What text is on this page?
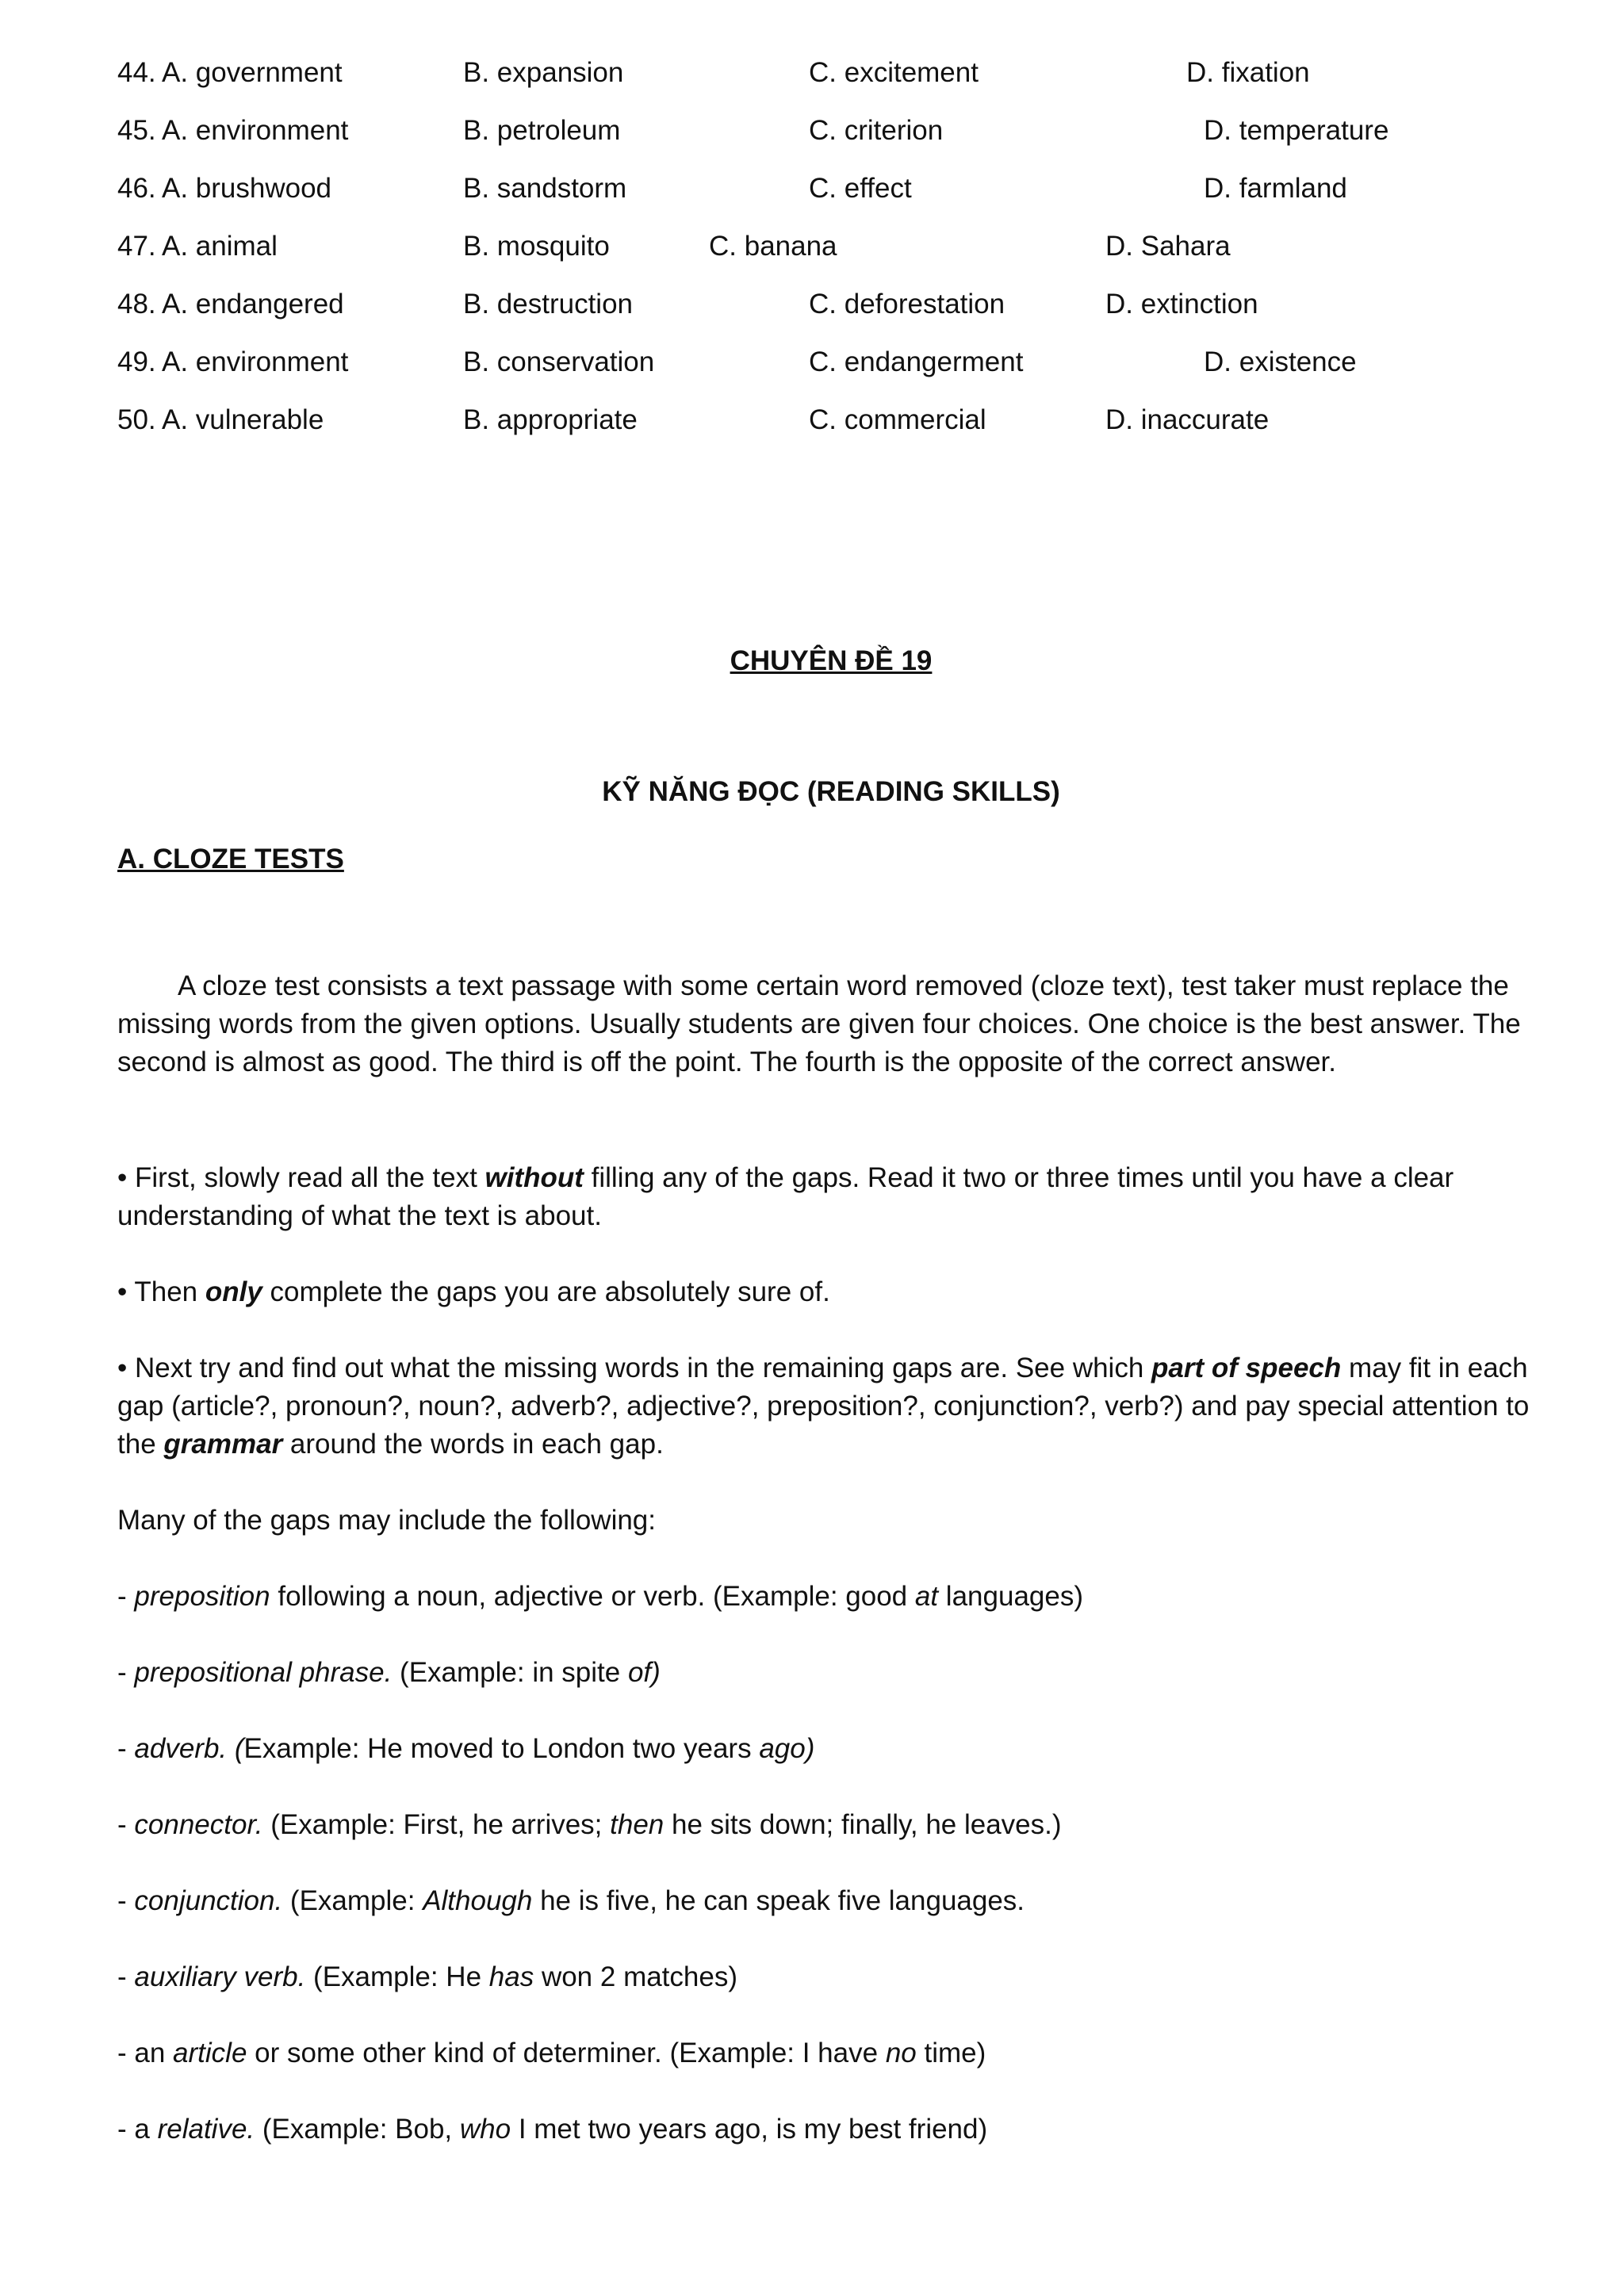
44. A. government	B. expansion	C. excitement	D. fixation
45. A. environment	B. petroleum	C. criterion	D. temperature
46. A. brushwood	B. sandstorm	C. effect	D. farmland
47. A. animal	B. mosquito	C. banana	D. Sahara
48. A. endangered	B. destruction	C. deforestation	D. extinction
49. A. environment	B. conservation	C. endangerment	D. existence
50. A. vulnerable	B. appropriate	C. commercial	D. inaccurate
CHUYÊN ĐỀ 19
KỸ NĂNG ĐỌC (READING SKILLS)
A. CLOZE TESTS
A cloze test consists a text passage with some certain word removed (cloze text), test taker must replace the missing words from the given options. Usually students are given four choices. One choice is the best answer. The second is almost as good. The third is off the point. The fourth is the opposite of the correct answer.
• First, slowly read all the text without filling any of the gaps. Read it two or three times until you have a clear understanding of what the text is about.
• Then only complete the gaps you are absolutely sure of.
• Next try and find out what the missing words in the remaining gaps are. See which part of speech may fit in each gap (article?, pronoun?, noun?, adverb?, adjective?, preposition?, conjunction?, verb?) and pay special attention to the grammar around the words in each gap.
Many of the gaps may include the following:
- preposition following a noun, adjective or verb. (Example: good at languages)
- prepositional phrase. (Example: in spite of)
- adverb. (Example: He moved to London two years ago)
- connector. (Example: First, he arrives; then he sits down; finally, he leaves.)
- conjunction. (Example: Although he is five, he can speak five languages.
- auxiliary verb. (Example: He has won 2 matches)
- an article or some other kind of determiner. (Example: I have no time)
- a relative. (Example: Bob, who I met two years ago, is my best friend)
